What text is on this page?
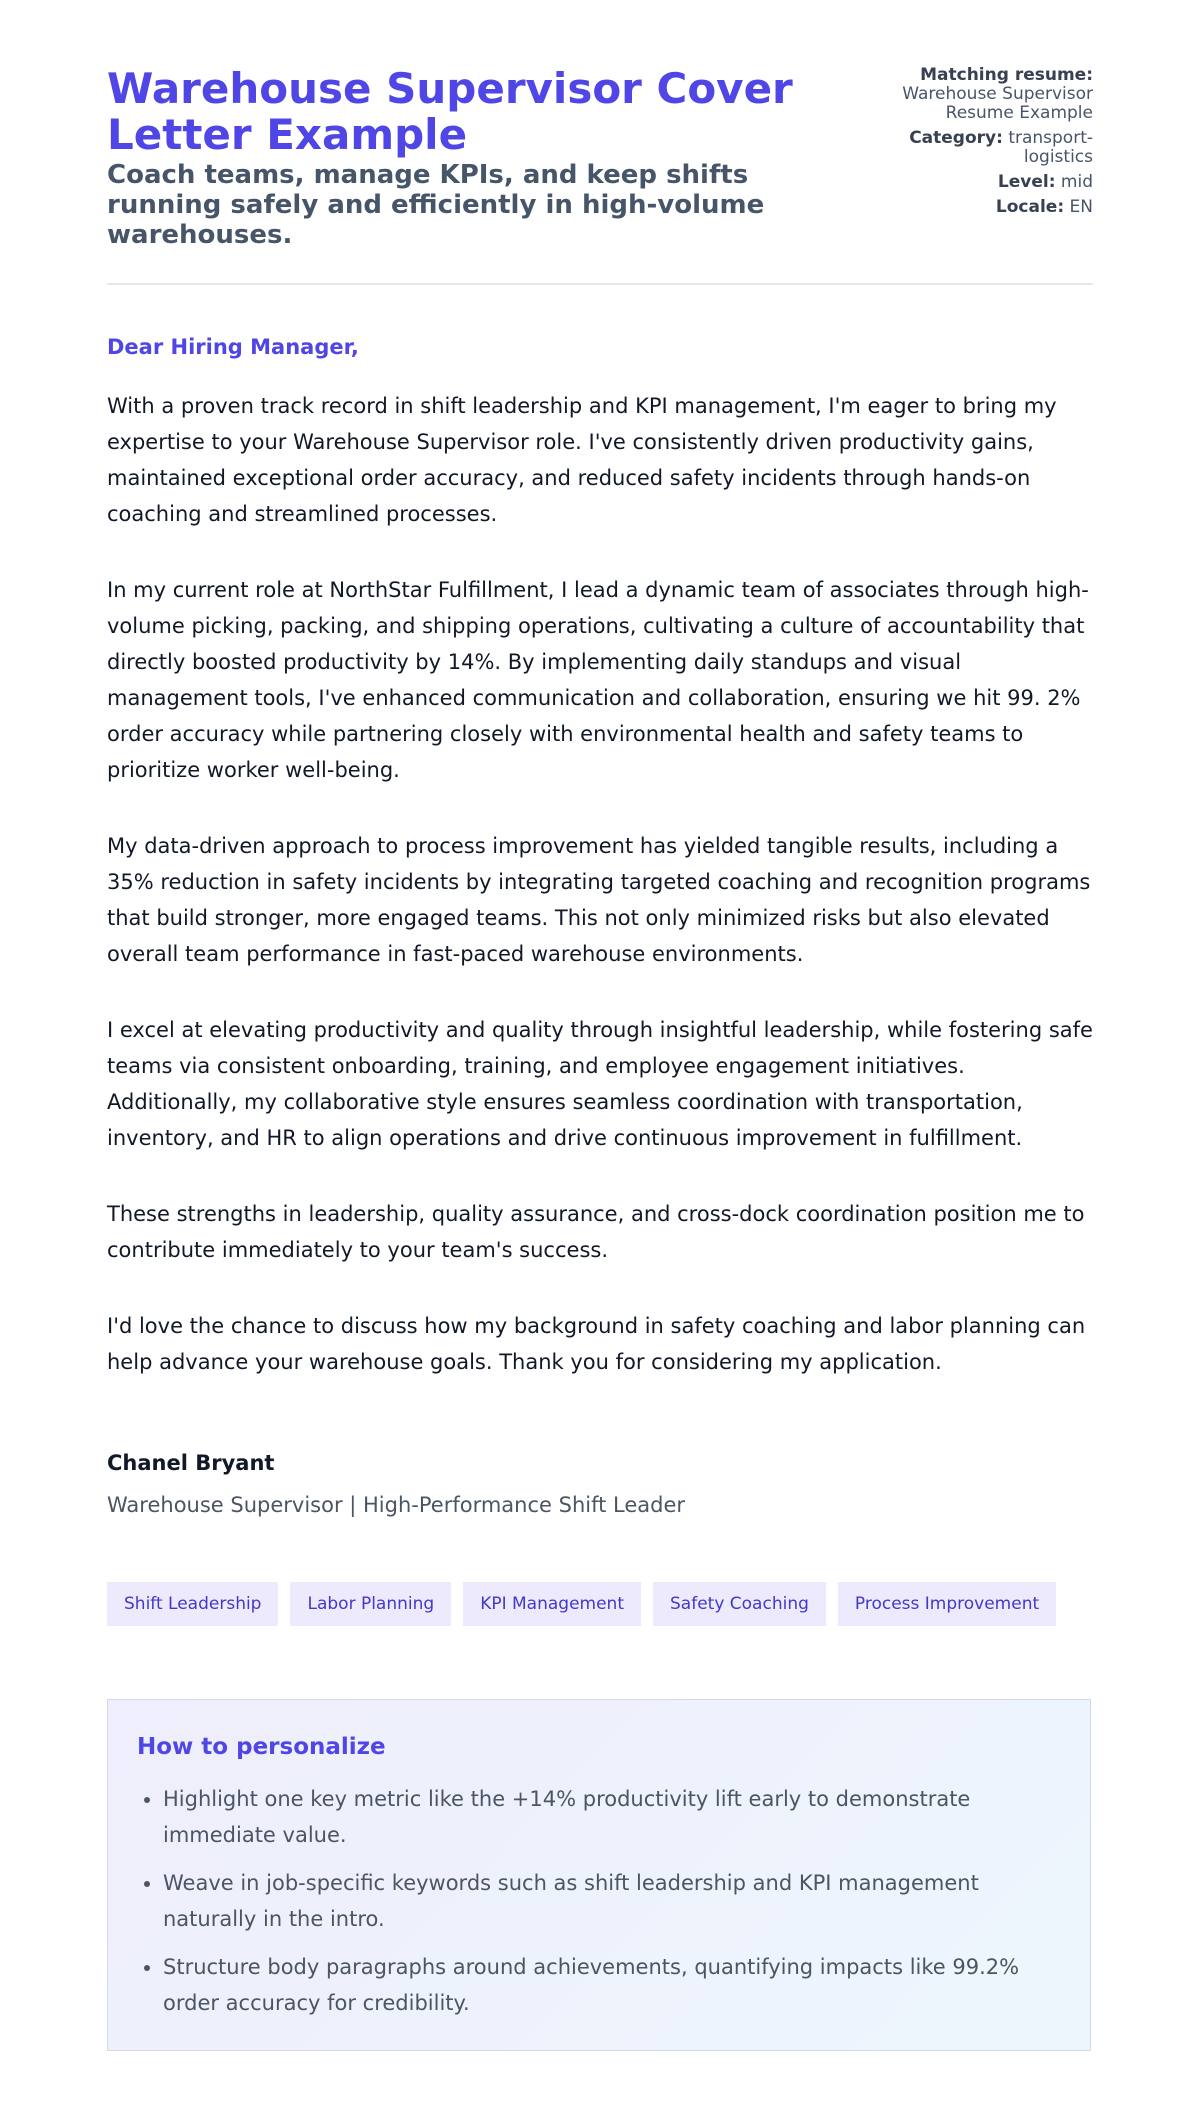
Warehouse Supervisor Cover Letter Example
Coach teams, manage KPIs, and keep shifts running safely and efficiently in high-volume warehouses.
Matching resume:
Warehouse Supervisor Resume Example
Category: transport-logistics
Level: mid
Locale: EN

Dear Hiring Manager,

With a proven track record in shift leadership and KPI management, I'm eager to bring my expertise to your Warehouse Supervisor role. I've consistently driven productivity gains, maintained exceptional order accuracy, and reduced safety incidents through hands-on coaching and streamlined processes.

In my current role at NorthStar Fulfillment, I lead a dynamic team of associates through high-volume picking, packing, and shipping operations, cultivating a culture of accountability that directly boosted productivity by 14%. By implementing daily standups and visual management tools, I've enhanced communication and collaboration, ensuring we hit 99. 2% order accuracy while partnering closely with environmental health and safety teams to prioritize worker well-being.

My data-driven approach to process improvement has yielded tangible results, including a 35% reduction in safety incidents by integrating targeted coaching and recognition programs that build stronger, more engaged teams. This not only minimized risks but also elevated overall team performance in fast-paced warehouse environments.

I excel at elevating productivity and quality through insightful leadership, while fostering safe teams via consistent onboarding, training, and employee engagement initiatives. Additionally, my collaborative style ensures seamless coordination with transportation, inventory, and HR to align operations and drive continuous improvement in fulfillment.

These strengths in leadership, quality assurance, and cross-dock coordination position me to contribute immediately to your team's success.

I'd love the chance to discuss how my background in safety coaching and labor planning can help advance your warehouse goals. Thank you for considering my application.

Chanel Bryant

Warehouse Supervisor | High-Performance Shift Leader

Shift Leadership	Labor Planning	KPI Management	Safety Coaching	Process Improvement
How to personalize
• Highlight one key metric like the +14% productivity lift early to demonstrate immediate value.
• Weave in job-specific keywords such as shift leadership and KPI management naturally in the intro.
• Structure body paragraphs around achievements, quantifying impacts like 99.2% order accuracy for credibility.
